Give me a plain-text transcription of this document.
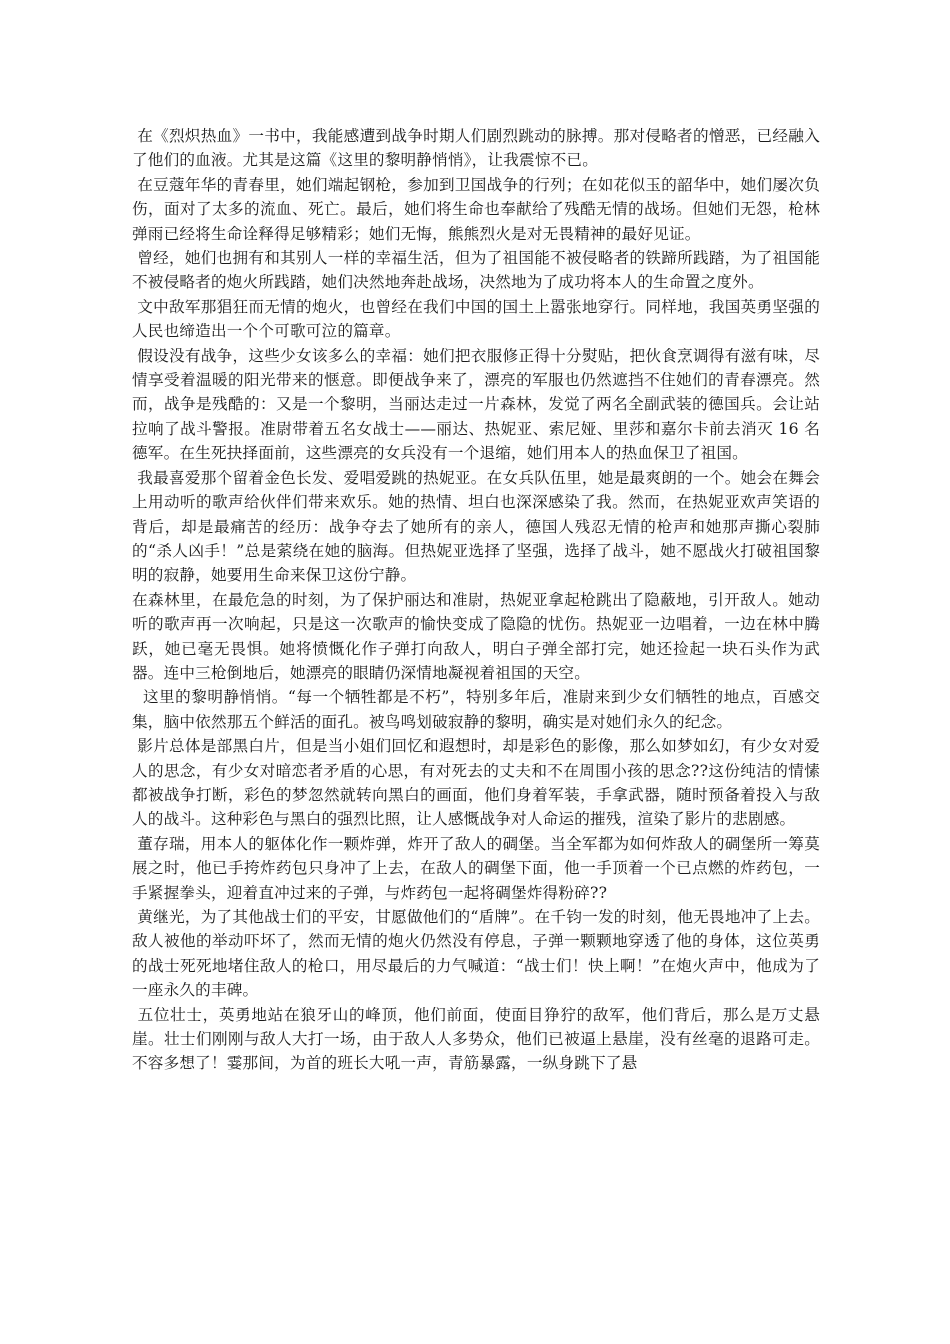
在《烈炽热血》一书中，我能感遭到战争时期人们剧烈跳动的脉搏。那对侵略者的憎恶，已经融入了他们的血液。尤其是这篇《这里的黎明静悄悄》，让我震惊不已。

在豆蔻年华的青春里，她们端起钢枪，参加到卫国战争的行列；在如花似玉的韶华中，她们屡次负伤，面对了太多的流血、死亡。最后，她们将生命也奉献给了残酷无情的战场。但她们无怨，枪林弹雨已经将生命诠释得足够精彩；她们无悔，熊熊烈火是对无畏精神的最好见证。

曾经，她们也拥有和其别人一样的幸福生活，但为了祖国能不被侵略者的铁蹄所践踏，为了祖国能不被侵略者的炮火所践踏，她们决然地奔赴战场，决然地为了成功将本人的生命置之度外。

文中敌军那猖狂而无情的炮火，也曾经在我们中国的国土上嚣张地穿行。同样地，我国英勇坚强的人民也缔造出一个个可歌可泣的篇章。

假设没有战争，这些少女该多么的幸福：她们把衣服修正得十分熨贴，把伙食烹调得有滋有味，尽情享受着温暖的阳光带来的惬意。即便战争来了，漂亮的军服也仍然遮挡不住她们的青春漂亮。然而，战争是残酷的：又是一个黎明，当丽达走过一片森林，发觉了两名全副武装的德国兵。会让站拉响了战斗警报。准尉带着五名女战士——丽达、热妮亚、索尼娅、里莎和嘉尔卡前去消灭 16 名德军。在生死抉择面前，这些漂亮的女兵没有一个退缩，她们用本人的热血保卫了祖国。

我最喜爱那个留着金色长发、爱唱爱跳的热妮亚。在女兵队伍里，她是最爽朗的一个。她会在舞会上用动听的歌声给伙伴们带来欢乐。她的热情、坦白也深深感染了我。然而，在热妮亚欢声笑语的背后，却是最痛苦的经历：战争夺去了她所有的亲人，德国人残忍无情的枪声和她那声撕心裂肺的“杀人凶手！”总是萦绕在她的脑海。但热妮亚选择了坚强，选择了战斗，她不愿战火打破祖国黎明的寂静，她要用生命来保卫这份宁静。

在森林里，在最危急的时刻，为了保护丽达和准尉，热妮亚拿起枪跳出了隐蔽地，引开敌人。她动听的歌声再一次响起，只是这一次歌声的愉快变成了隐隐的忧伤。热妮亚一边唱着，一边在林中腾跃，她已毫无畏惧。她将愤慨化作子弹打向敌人，明白子弹全部打完，她还捡起一块石头作为武器。连中三枪倒地后，她漂亮的眼睛仍深情地凝视着祖国的天空。

这里的黎明静悄悄。“每一个牺牲都是不朽”，特别多年后，准尉来到少女们牺牲的地点，百感交集，脑中依然那五个鲜活的面孔。被鸟鸣划破寂静的黎明，确实是对她们永久的纪念。

影片总体是部黑白片，但是当小姐们回忆和遐想时，却是彩色的影像，那么如梦如幻，有少女对爱人的思念，有少女对暗恋者矛盾的心思，有对死去的丈夫和不在周围小孩的思念??这份纯洁的情愫都被战争打断，彩色的梦忽然就转向黑白的画面，他们身着军装，手拿武器，随时预备着投入与敌人的战斗。这种彩色与黑白的强烈比照，让人感慨战争对人命运的摧残，渲染了影片的悲剧感。

董存瑞，用本人的躯体化作一颗炸弹，炸开了敌人的碉堡。当全军都为如何炸敌人的碉堡所一筹莫展之时，他已手挎炸药包只身冲了上去，在敌人的碉堡下面，他一手顶着一个已点燃的炸药包，一手紧握拳头，迎着直冲过来的子弹，与炸药包一起将碉堡炸得粉碎??

黄继光，为了其他战士们的平安，甘愿做他们的“盾牌”。在千钧一发的时刻，他无畏地冲了上去。敌人被他的举动吓坏了，然而无情的炮火仍然没有停息，子弹一颗颗地穿透了他的身体，这位英勇的战士死死地堵住敌人的枪口，用尽最后的力气喊道：“战士们！快上啊！”在炮火声中，他成为了一座永久的丰碑。

五位壮士，英勇地站在狼牙山的峰顶，他们前面，使面目狰狞的敌军，他们背后，那么是万丈悬崖。壮士们刚刚与敌人大打一场，由于敌人人多势众，他们已被逼上悬崖，没有丝毫的退路可走。不容多想了！霎那间，为首的班长大吼一声，青筋暴露，一纵身跳下了悬
